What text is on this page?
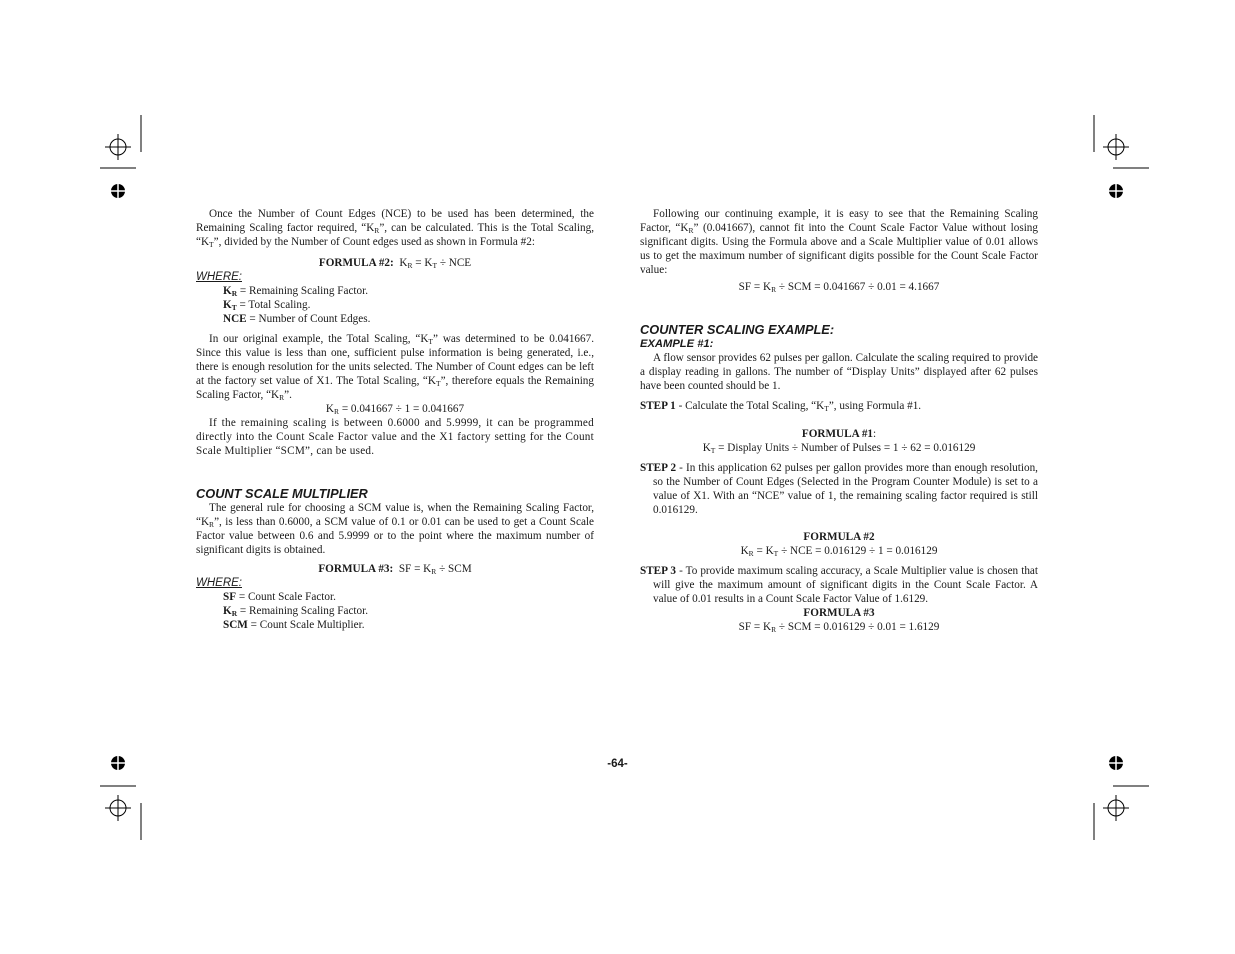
Once the Number of Count Edges (NCE) to be used has been determined, the Remaining Scaling factor required, “$K_R$”, can be calculated. This is the Total Scaling, “$K_T$”, divided by the Number of Count edges used as shown in Formula #2:

FORMULA #2: $K_R = K_T$ ÷ NCE

WHERE:
$K_R$ = Remaining Scaling Factor.
$K_T$ = Total Scaling.
NCE = Number of Count Edges.

In our original example, the Total Scaling, “$K_T$” was determined to be 0.041667. Since this value is less than one, sufficient pulse information is being generated, i.e., there is enough resolution for the units selected. The Number of Count edges can be left at the factory set value of X1. The Total Scaling, “$K_T$”, therefore equals the Remaining Scaling Factor, “$K_R$”.

$K_R = 0.041667 \div 1 = 0.041667$

If the remaining scaling is between 0.6000 and 5.9999, it can be programmed directly into the Count Scale Factor value and the X1 factory setting for the Count Scale Multiplier “SCM”, can be used.

COUNT SCALE MULTIPLIER

The general rule for choosing a SCM value is, when the Remaining Scaling Factor, “$K_R$”, is less than 0.6000, a SCM value of 0.1 or 0.01 can be used to get a Count Scale Factor value between 0.6 and 5.9999 or to the point where the maximum number of significant digits is obtained.

FORMULA #3: SF = $K_R$ ÷ SCM

WHERE:
SF = Count Scale Factor.
$K_R$ = Remaining Scaling Factor.
SCM = Count Scale Multiplier.

Following our continuing example, it is easy to see that the Remaining Scaling Factor, “$K_R$” (0.041667), cannot fit into the Count Scale Factor Value without losing significant digits. Using the Formula above and a Scale Multiplier value of 0.01 allows us to get the maximum number of significant digits possible for the Count Scale Factor value:

SF = $K_R$ ÷ SCM = 0.041667 ÷ 0.01 = 4.1667

COUNTER SCALING EXAMPLE:
EXAMPLE #1:

A flow sensor provides 62 pulses per gallon. Calculate the scaling required to provide a display reading in gallons. The number of “Display Units” displayed after 62 pulses have been counted should be 1.

STEP 1 - Calculate the Total Scaling, “$K_T$”, using Formula #1.

FORMULA #1:

$K_T$ = Display Units ÷ Number of Pulses = 1 ÷ 62 = 0.016129

STEP 2 - In this application 62 pulses per gallon provides more than enough resolution, so the Number of Count Edges (Selected in the Program Counter Module) is set to a value of X1. With an “NCE” value of 1, the remaining scaling factor required is still 0.016129.

FORMULA #2

$K_R = K_T$ ÷ NCE = 0.016129 ÷ 1 = 0.016129

STEP 3 - To provide maximum scaling accuracy, a Scale Multiplier value is chosen that will give the maximum amount of significant digits in the Count Scale Factor. A value of 0.01 results in a Count Scale Factor Value of 1.6129.

FORMULA #3

SF = $K_R$ ÷ SCM = 0.016129 ÷ 0.01 = 1.6129

-64-
